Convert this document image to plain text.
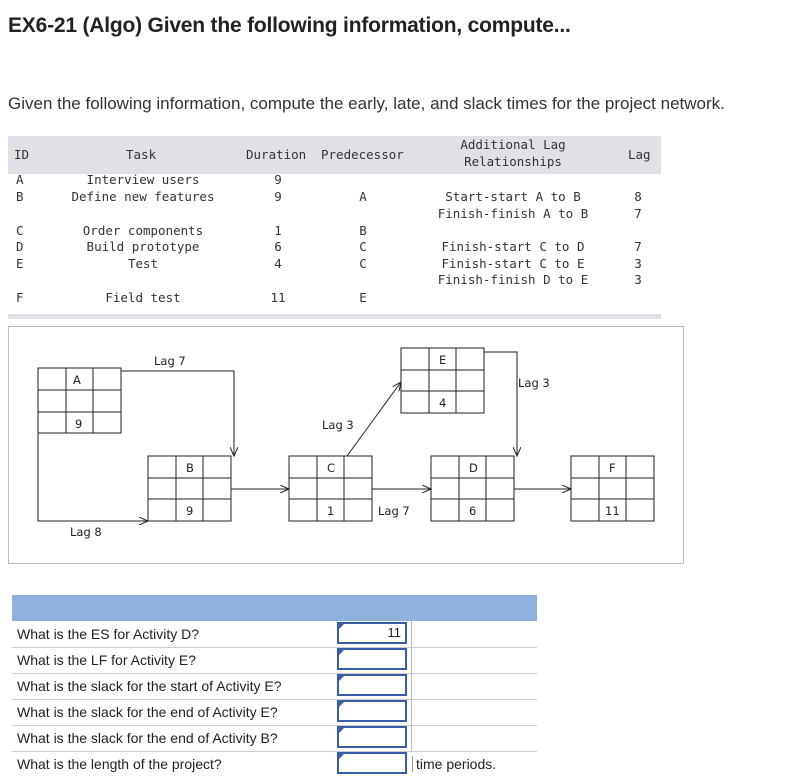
EX6-21 (Algo) Given the following information, compute...
Given the following information, compute the early, late, and slack times for the project network.
ID	Task	Duration Predecessor
Additional Lag
Relationships	Lag
A	Interview users	9
B	Define new features	9	A	Start-start A to B	8
Finish-finish A to B	7
C	Order components	1	B
D	Build prototype	6	C	Finish-start C to D	7
E	Test	4	C	Finish-start C to E	3
Finish-finish D to E	3
F	Field test	11	E
A
9
B
9
C
1
E
4
D
6
F
11
Lag 7
Lag 8
Lag 3
Lag 7
Lag 3
What is the ES for Activity D?	11
What is the LF for Activity E?
What is the slack for the start of Activity E?
What is the slack for the end of Activity E?
What is the slack for the end of Activity B?
What is the length of the project?	time periods.
